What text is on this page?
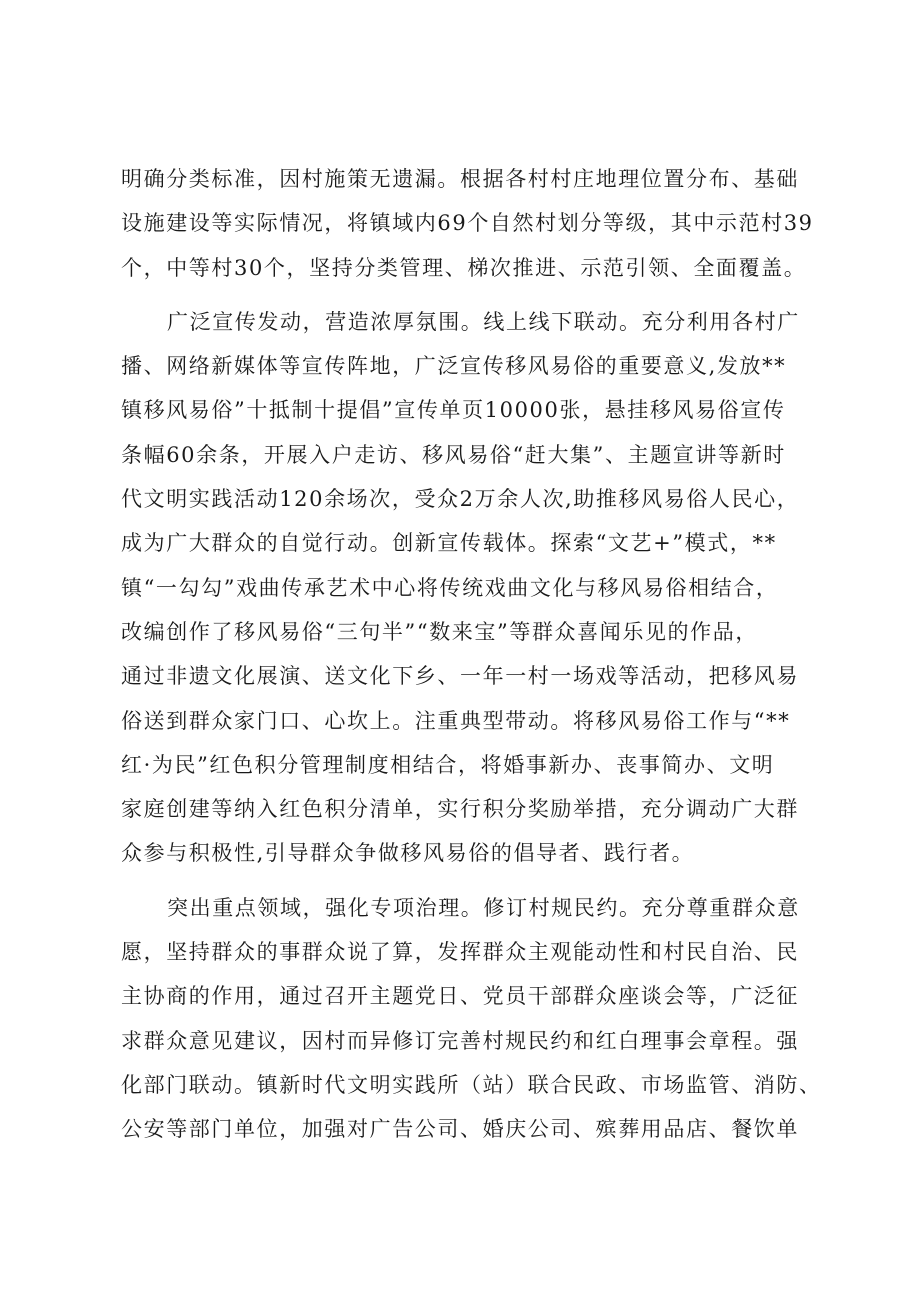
明确分类标准，因村施策无遗漏。根据各村村庄地理位置分布、基础
设施建设等实际情况，将镇域内69个自然村划分等级，其中示范村39
个，中等村30个，坚持分类管理、梯次推进、示范引领、全面覆盖。
广泛宣传发动，营造浓厚氛围。线上线下联动。充分利用各村广
播、网络新媒体等宣传阵地，广泛宣传移风易俗的重要意义,发放**
镇移风易俗”十抵制十提倡”宣传单页10000张，悬挂移风易俗宣传
条幅60余条，开展入户走访、移风易俗“赶大集”、主题宣讲等新时
代文明实践活动120余场次，受众2万余人次,助推移风易俗人民心，
成为广大群众的自觉行动。创新宣传载体。探索“文艺+”模式，**
镇“一勾勾”戏曲传承艺术中心将传统戏曲文化与移风易俗相结合，
改编创作了移风易俗“三句半”“数来宝”等群众喜闻乐见的作品，
通过非遗文化展演、送文化下乡、一年一村一场戏等活动，把移风易
俗送到群众家门口、心坎上。注重典型带动。将移风易俗工作与“**
红·为民”红色积分管理制度相结合，将婚事新办、丧事简办、文明
家庭创建等纳入红色积分清单，实行积分奖励举措，充分调动广大群
众参与积极性,引导群众争做移风易俗的倡导者、践行者。
突出重点领域，强化专项治理。修订村规民约。充分尊重群众意
愿，坚持群众的事群众说了算，发挥群众主观能动性和村民自治、民
主协商的作用，通过召开主题党日、党员干部群众座谈会等，广泛征
求群众意见建议，因村而异修订完善村规民约和红白理事会章程。强
化部门联动。镇新时代文明实践所（站）联合民政、市场监管、消防、
公安等部门单位，加强对广告公司、婚庆公司、殡葬用品店、餐饮单
